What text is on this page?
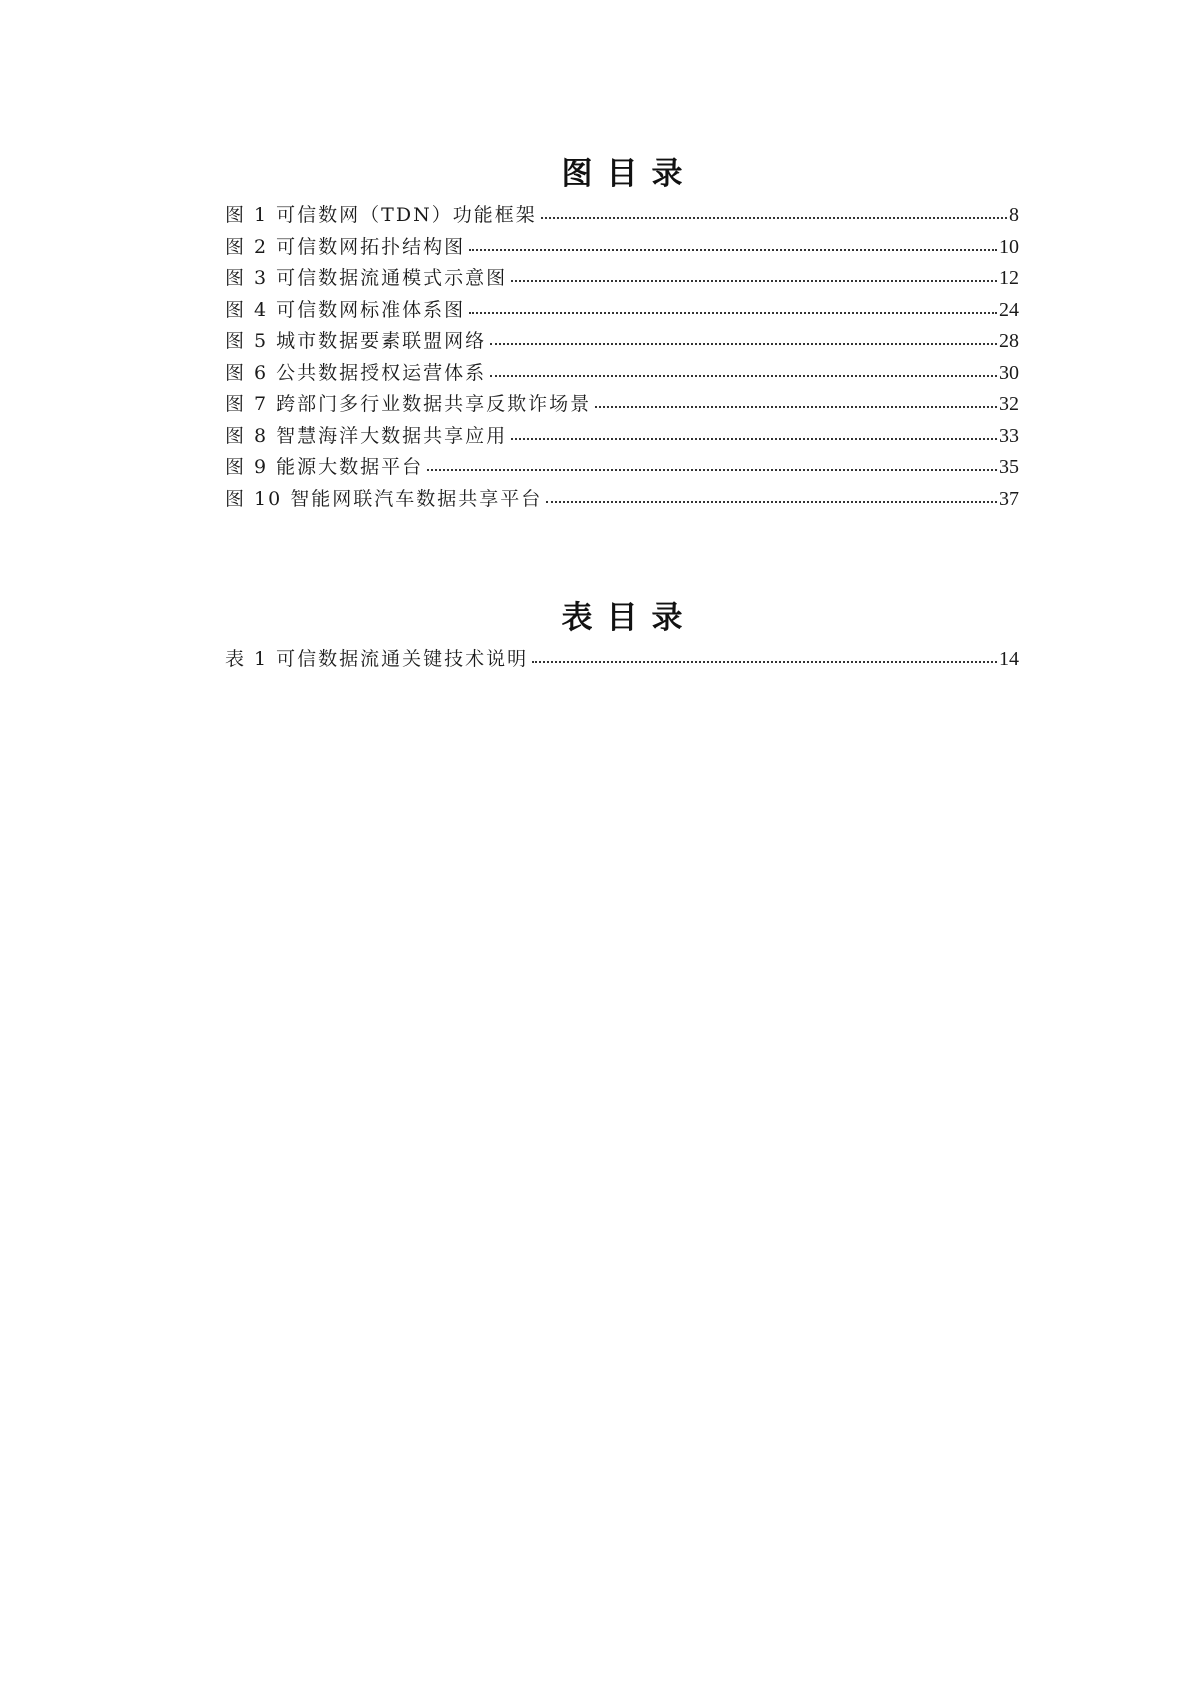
图目录
图 1 可信数网（TDN）功能框架	8
图 2 可信数网拓扑结构图	10
图 3 可信数据流通模式示意图	12
图 4 可信数网标准体系图	24
图 5 城市数据要素联盟网络	28
图 6 公共数据授权运营体系	30
图 7 跨部门多行业数据共享反欺诈场景	32
图 8 智慧海洋大数据共享应用	33
图 9 能源大数据平台	35
图 10 智能网联汽车数据共享平台	37
表目录
表 1 可信数据流通关键技术说明	14
